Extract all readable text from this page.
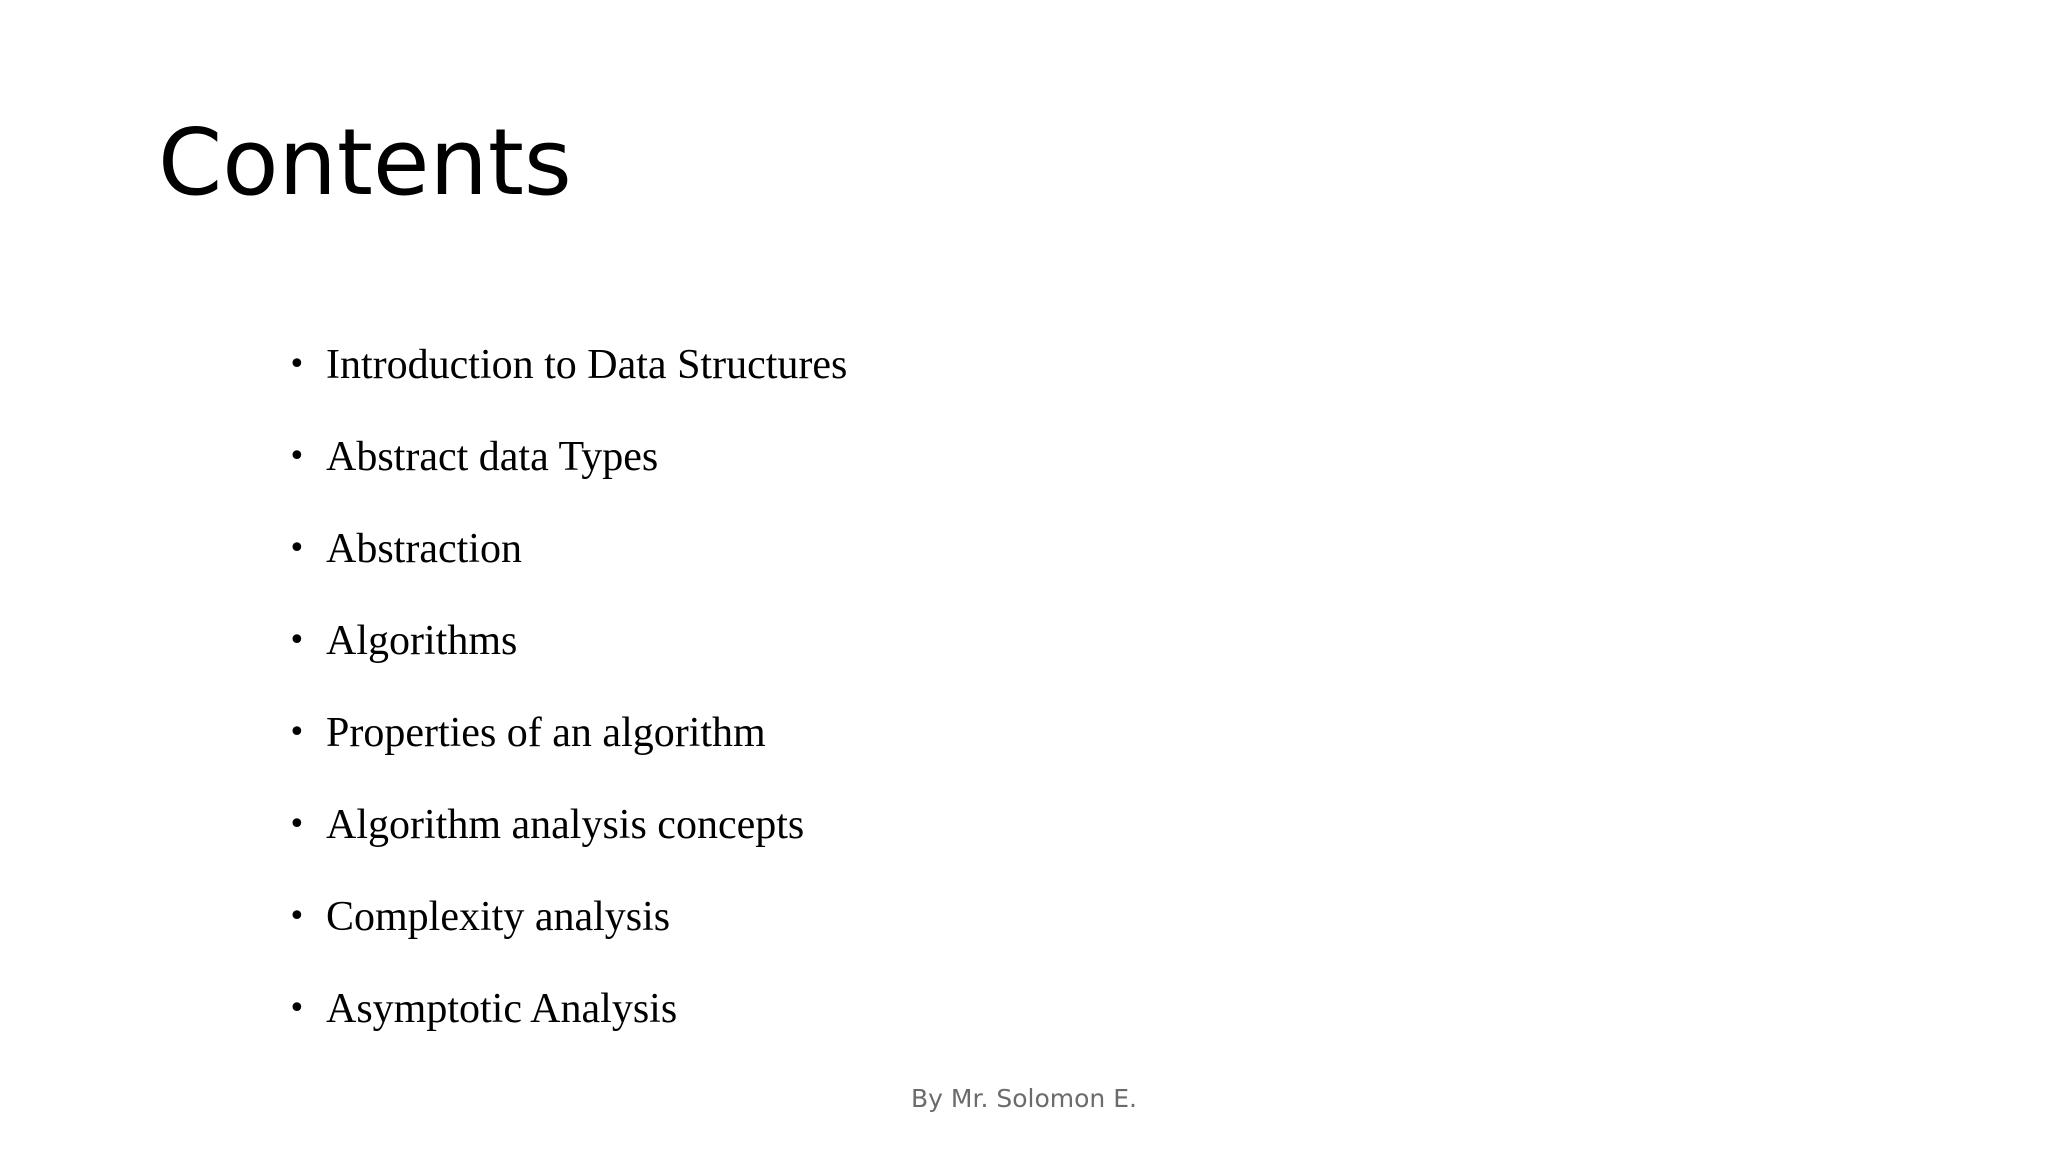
Contents
• Introduction to Data Structures
• Abstract data Types
• Abstraction
• Algorithms
• Properties of an algorithm
• Algorithm analysis concepts
• Complexity analysis
• Asymptotic Analysis
By Mr. Solomon E.
